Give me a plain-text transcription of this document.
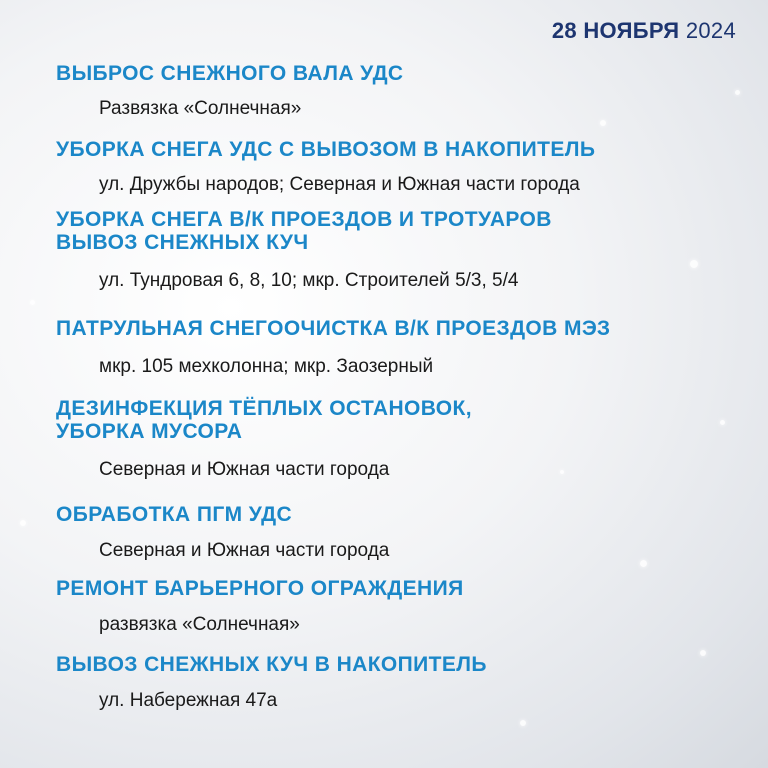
28 НОЯБРЯ 2024

ВЫБРОС СНЕЖНОГО ВАЛА УДС

Развязка «Солнечная»

УБОРКА СНЕГА УДС С ВЫВОЗОМ В НАКОПИТЕЛЬ

ул. Дружбы народов; Северная и Южная части города

УБОРКА СНЕГА В/К ПРОЕЗДОВ И ТРОТУАРОВ
ВЫВОЗ СНЕЖНЫХ КУЧ

ул. Тундровая 6, 8, 10; мкр. Строителей 5/3, 5/4

ПАТРУЛЬНАЯ СНЕГООЧИСТКА В/К ПРОЕЗДОВ МЭЗ

мкр. 105 мехколонна; мкр. Заозерный

ДЕЗИНФЕКЦИЯ ТЁПЛЫХ ОСТАНОВОК,
УБОРКА МУСОРА

Северная и Южная части города

ОБРАБОТКА ПГМ УДС

Северная и Южная части города

РЕМОНТ БАРЬЕРНОГО ОГРАЖДЕНИЯ

развязка «Солнечная»

ВЫВОЗ СНЕЖНЫХ КУЧ В НАКОПИТЕЛЬ

ул. Набережная 47а
